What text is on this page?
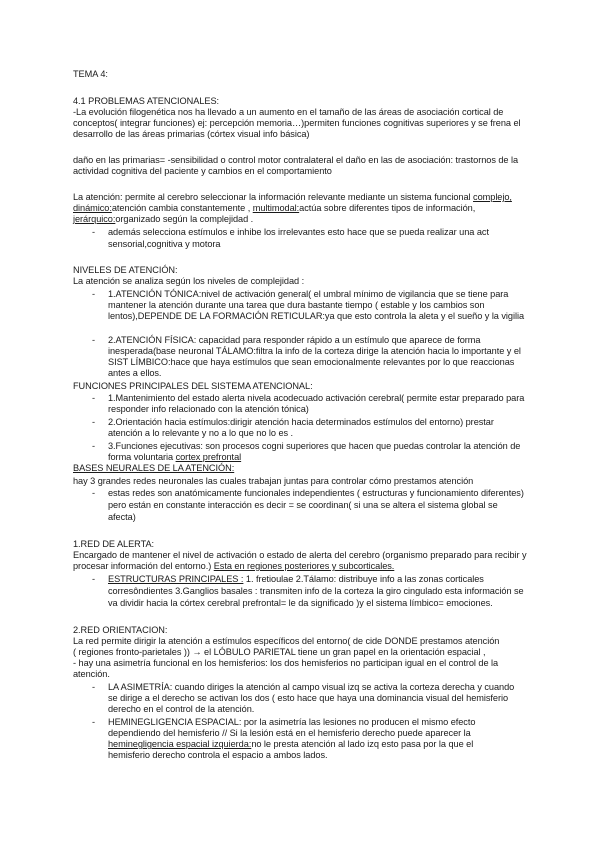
TEMA 4:
4.1 PROBLEMAS ATENCIONALES:
-La evolución filogenética nos ha llevado a un aumento en el tamaño de las áreas de asociación cortical de
conceptos( integrar funciones) ej: percepción memoria…)permiten funciones cognitivas superiores y se frena el
desarrollo de las áreas primarias (córtex visual info básica)
daño en las primarias= -sensibilidad o control motor contralateral el daño en las de asociación: trastornos de la
actividad cognitiva del paciente y cambios en el comportamiento
La atención: permite al cerebro seleccionar la información relevante mediante un sistema funcional complejo,
dinámico:atención cambia constantemente , multimodal:actúa sobre diferentes tipos de información,
jerárquico:organizado según la complejidad .
- además selecciona estímulos e inhibe los irrelevantes esto hace que se pueda realizar una act
sensorial,cognitiva y motora
NIVELES DE ATENCIÓN:
La atención se analiza según los niveles de complejidad :
- 1.ATENCIÓN TÓNICA:nivel de activación general( el umbral mínimo de vigilancia que se tiene para
mantener la atención durante una tarea que dura bastante tiempo ( estable y los cambios son
lentos),DEPENDE DE LA FORMACIÓN RETICULAR:ya que esto controla la aleta y el sueño y la vigilia
- 2.ATENCIÓN FÍSICA: capacidad para responder rápido a un estímulo que aparece de forma
inesperada(base neuronal TÁLAMO:filtra la info de la corteza dirige la atención hacia lo importante y el
SIST LÍMBICO:hace que haya estímulos que sean emocionalmente relevantes por lo que reaccionas
antes a ellos.
FUNCIONES PRINCIPALES DEL SISTEMA ATENCIONAL:
- 1.Mantenimiento del estado alerta nivela acodecuado activación cerebral( permite estar preparado para
responder info relacionado con la atención tónica)
- 2.Orientación hacia estímulos:dirigir atención hacia determinados estímulos del entorno) prestar
atención a lo relevante y no a lo que no lo es .
- 3.Funciones ejecutivas: son procesos cogni superiores que hacen que puedas controlar la atención de
forma voluntaria cortex prefrontal
BASES NEURALES DE LA ATENCIÓN:
hay 3 grandes redes neuronales las cuales trabajan juntas para controlar cómo prestamos atención
- estas redes son anatómicamente funcionales independientes ( estructuras y funcionamiento diferentes)
pero están en constante interacción es decir = se coordinan( si una se altera el sistema global se
afecta)
1.RED DE ALERTA:
Encargado de mantener el nivel de activación o estado de alerta del cerebro (organismo preparado para recibir y
procesar información del entorno.) Esta en regiones posteriores y subcorticales.
- ESTRUCTURAS PRINCIPALES : 1. fretioulae 2.Tálamo: distribuye info a las zonas corticales
corresôndientes 3.Ganglios basales : transmiten info de la corteza la giro cingulado esta información se
va dividir hacia la córtex cerebral prefrontal= le da significado )y el sistema límbico= emociones.
2.RED ORIENTACION:
La red permite dirigir la atención a estímulos específicos del entorno( de cide DONDE prestamos atención
( regiones fronto-parietales )) → el LÓBULO PARIETAL tiene un gran papel en la orientación espacial ,
- hay una asimetría funcional en los hemisferios: los dos hemisferios no participan igual en el control de la
atención.
- LA ASIMETRÍA: cuando diriges la atención al campo visual izq se activa la corteza derecha y cuando
se dirige a el derecho se activan los dos ( esto hace que haya una dominancia visual del hemisferio
derecho en el control de la atención.
- HEMINEGLIGENCIA ESPACIAL: por la asimetría las lesiones no producen el mismo efecto
dependiendo del hemisferio // Si la lesión está en el hemisferio derecho puede aparecer la
heminegligencia espacial izquierda:no le presta atención al lado izq esto pasa por la que el
hemisferio derecho controla el espacio a ambos lados.
